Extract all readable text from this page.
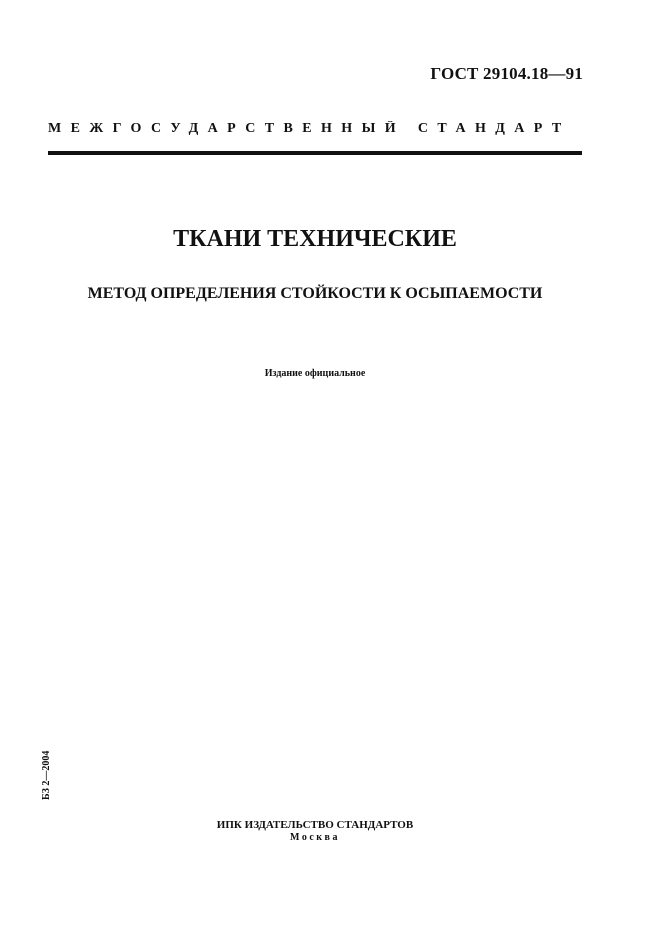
ГОСТ 29104.18—91
МЕЖГОСУДАРСТВЕННЫЙ СТАНДАРТ
ТКАНИ ТЕХНИЧЕСКИЕ
МЕТОД ОПРЕДЕЛЕНИЯ СТОЙКОСТИ К ОСЫПАЕМОСТИ
Издание официальное
БЗ 2—2004
ИПК ИЗДАТЕЛЬСТВО СТАНДАРТОВ
Москва
